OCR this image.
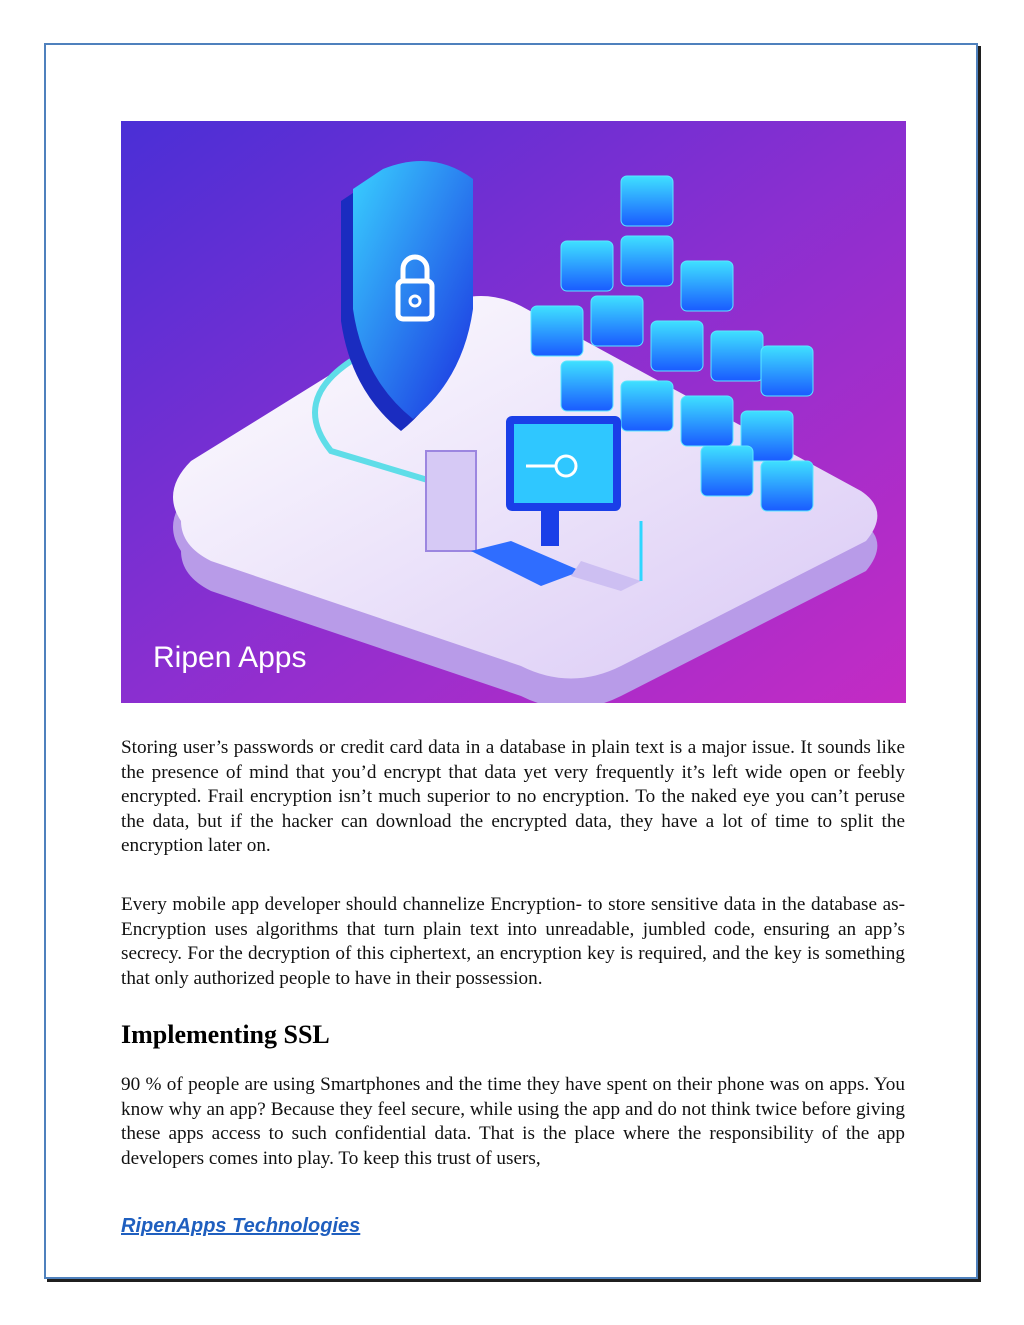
Ripen Apps

Storing user’s passwords or credit card data in a database in plain text is a major issue. It sounds like the presence of mind that you’d encrypt that data yet very frequently it’s left wide open or feebly encrypted. Frail encryption isn’t much superior to no encryption. To the naked eye you can’t peruse the data, but if the hacker can download the encrypted data, they have a lot of time to split the encryption later on.

Every mobile app developer should channelize Encryption- to store sensitive data in the database as- Encryption uses algorithms that turn plain text into unreadable, jumbled code, ensuring an app’s secrecy. For the decryption of this ciphertext, an encryption key is required, and the key is something that only authorized people to have in their possession.

Implementing SSL

90 % of people are using Smartphones and the time they have spent on their phone was on apps. You know why an app? Because they feel secure, while using the app and do not think twice before giving these apps access to such confidential data. That is the place where the responsibility of the app developers comes into play. To keep this trust of users,

RipenApps Technologies
